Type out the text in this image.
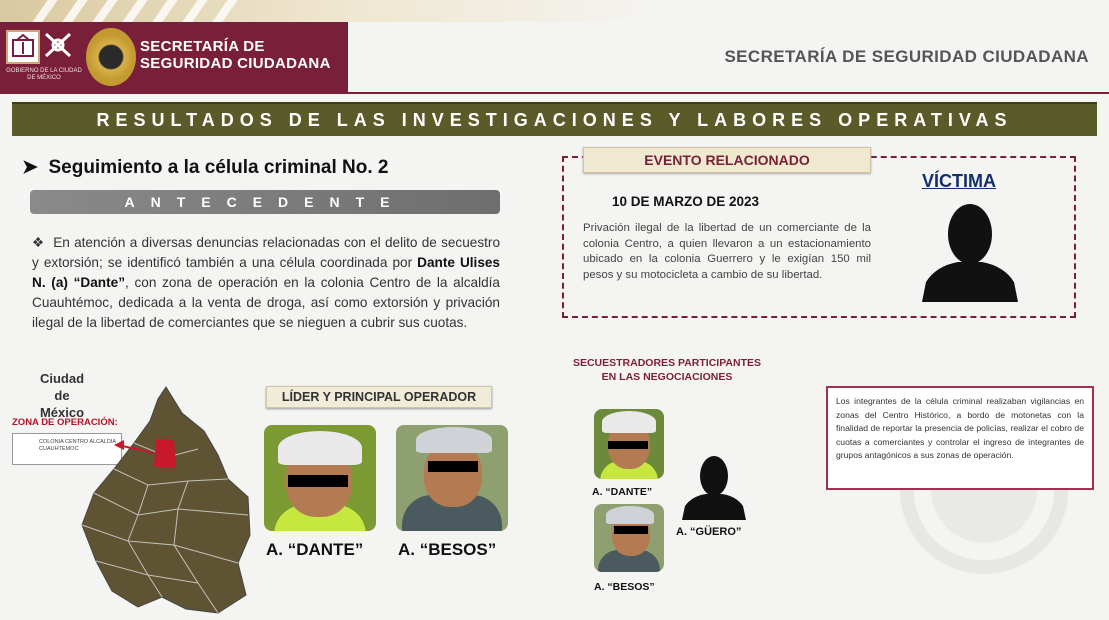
GOBIERNO DE LA CIUDAD DE MÉXICO
SECRETARÍA DE
SEGURIDAD CIUDADANA	SECRETARÍA DE SEGURIDAD CIUDADANA
RESULTADOS DE LAS INVESTIGACIONES Y LABORES OPERATIVAS
➤ Seguimiento a la célula criminal No. 2
ANTECEDENTE
❖ En atención a diversas denuncias relacionadas con el delito de secuestro y extorsión; se identificó también a una célula coordinada por Dante Ulises N. (a) “Dante”, con zona de operación en la colonia Centro de la alcaldía Cuauhtémoc, dedicada a la venta de droga, así como extorsión y privación ilegal de la libertad de comerciantes que se nieguen a cubrir sus cuotas.
Ciudad de México
ZONA DE OPERACIÓN:
COLONIA CENTRO ALCALDÍA CUAUHTÉMOC
LÍDER Y PRINCIPAL OPERADOR
A. “DANTE” A. “BESOS”
EVENTO RELACIONADO
10 DE MARZO DE 2023
Privación ilegal de la libertad de un comerciante de la colonia Centro, a quien llevaron a un estacionamiento ubicado en la colonia Guerrero y le exigían 150 mil pesos y su motocicleta a cambio de su libertad.
VÍCTIMA
SECUESTRADORES PARTICIPANTES EN LAS NEGOCIACIONES
A. “DANTE”
A. “BESOS”
A. “GÜERO”

Los integrantes de la célula criminal realizaban vigilancias en zonas del Centro Histórico, a bordo de motonetas con la finalidad de reportar la presencia de policías, realizar el cobro de cuotas a comerciantes y controlar el ingreso de integrantes de grupos antagónicos a sus zonas de operación.
